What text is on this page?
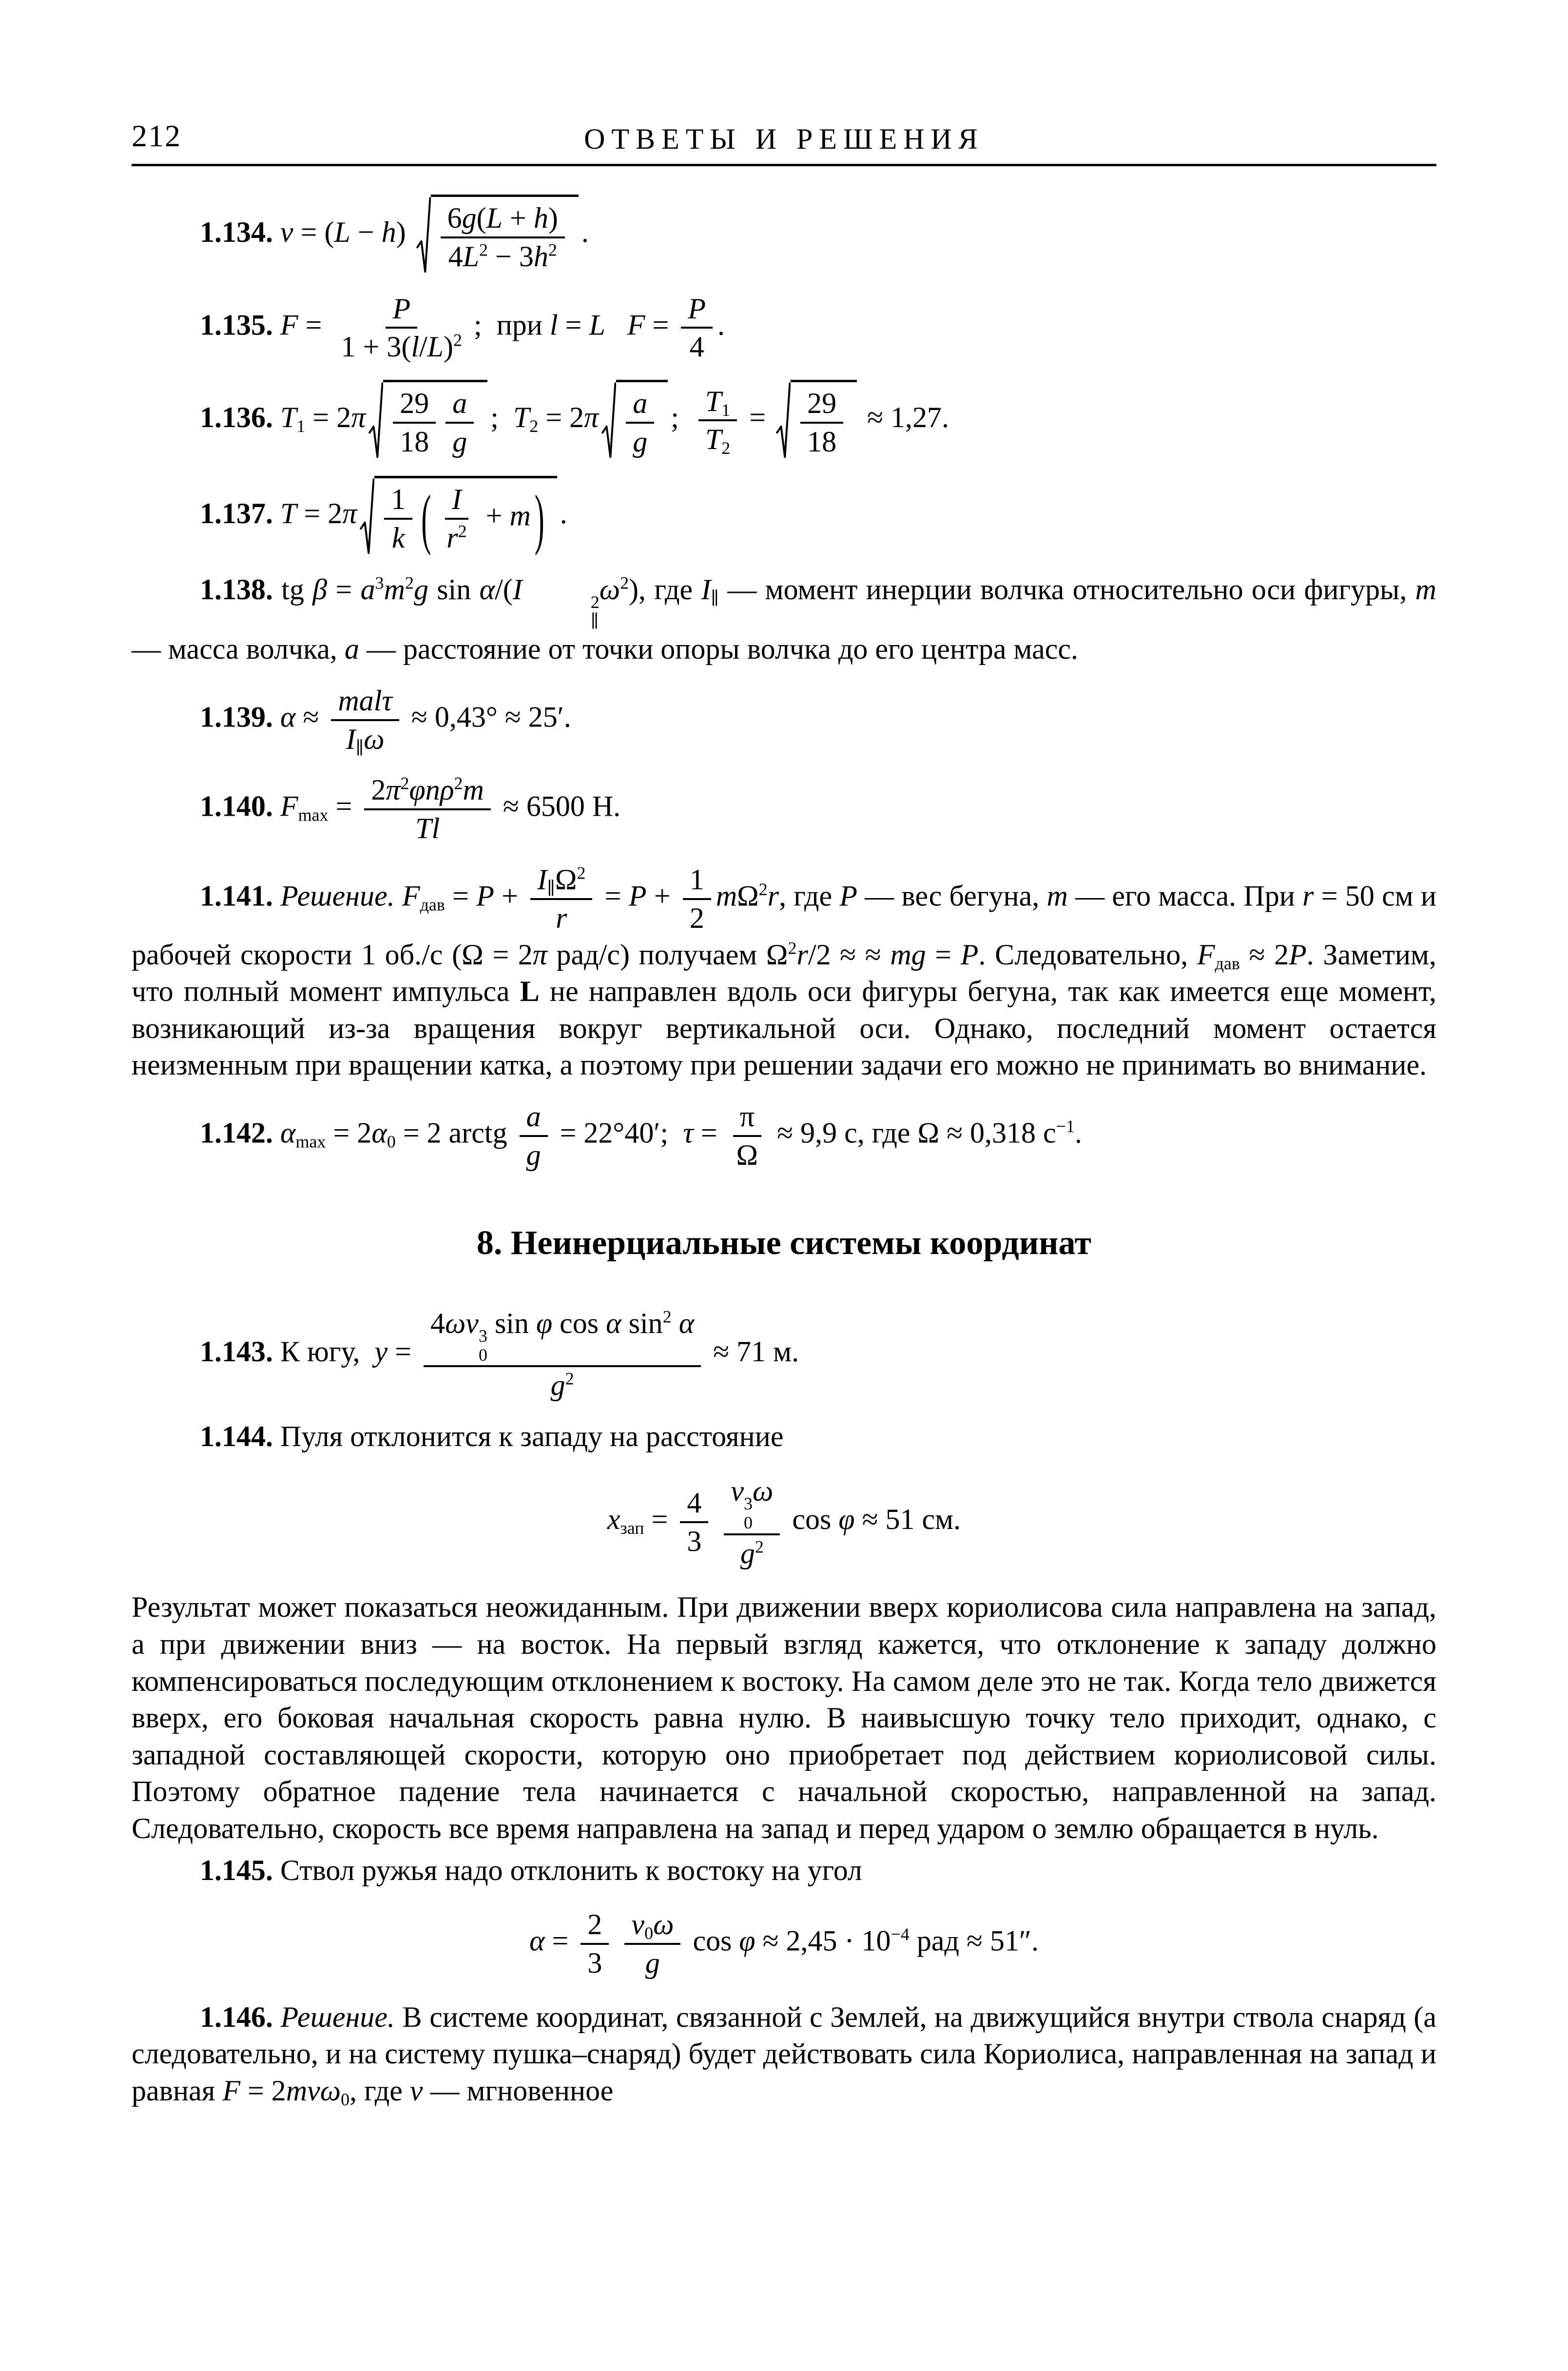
212	ОТВЕТЫ И РЕШЕНИЯ
1.134. $v = (L - h) \frac{6g(L + h)}{4L^2 - 3h^2}$ .
1.135. $F = \frac{P}{1 + 3(l/L)^2}$ ;  при l = L $F = \frac{P}{4}$ .
1.136. $T_1 = 2\pi \frac{29}{18} \frac{a}{g}$ ;  $T_2 = 2\pi \frac{a}{g}$ ; $\frac{T_1}{T_2} = \frac{29}{18} \approx 1,27$.
1.137. $T = 2\pi \frac{1}{k}$ ( $\frac{I}{r^2} + m$ ) .
1.138. tg $\beta = a^3m^2g$ sin α/(I	2
∥
$\omega^2$), где $I_\parallel$ — момент инерции волчка относительно оси фигуры, m — масса волчка, a — расстояние от точки опоры волчка до его центра масс.
1.139. $\alpha \approx \frac{\text{malτ}}{I_\parallel\omega} \approx 0,43^\circ \approx 25'$.
1.140. $F_{max} = \frac{2\pi^2\varphi n\rho^2m}{Tl} \approx 6500$ Н.
1.141. Решение. $F_{дав} = P + \frac{I_\parallel\Omega^2}{r} = P + \frac{1}{2} m\Omega^2r$, где P — вес бегуна, m — его масса. При r = 50 см и рабочей скорости 1 об./с (Ω = 2π рад/с) получаем $\Omega^2r/2$ ≈ ≈ mg = P. Следовательно, $F_{дав} \approx 2P$. Заметим, что полный момент импульса L не направлен вдоль оси фигуры бегуна, так как имеется еще момент, возникающий из-за вращения вокруг вертикальной оси. Однако, последний момент остается неизменным при вращении катка, а поэтому при решении задачи его можно не принимать во внимание.
1.142. $\alpha_{max} = 2\alpha_0 = 2$ arctg $\frac{a}{g} = 22^\circ 40'$;  $\tau = \frac{\pi}{\Omega} \approx 9,9$ с, где Ω ≈ 0,318 $с^{-1}$.
8. Неинерциальные системы координат
1.143. К югу,  y = 4ωv 3
0
sin φ cos α $\sin^2 \alpha$
$g^2 \approx 71$ м.
1.144. Пуля отклонится к западу на расстояние
$x_{зап} = \frac{4}{3}$
  v 3
0
ω
$g^2$ cos φ ≈ 51 см.
Результат может показаться неожиданным. При движении вверх кориолисова сила направлена на запад, а при движении вниз — на восток. На первый взгляд кажется, что отклонение к западу должно компенсироваться последующим отклонением к востоку. На самом деле это не так. Когда тело движется вверх, его боковая начальная скорость равна нулю. В наивысшую точку тело приходит, однако, с западной составляющей скорости, которую оно приобретает под действием кориолисовой силы. Поэтому обратное падение тела начинается с начальной скоростью, направленной на запад. Следовательно, скорость все время направлена на запад и перед ударом о землю обращается в нуль.
1.145. Ствол ружья надо отклонить к востоку на угол
$\alpha = \frac{2}{3}$
  $\frac{v_0\omega}{g}$ $\cos \varphi \approx 2,45 \cdot 10^{-4}$ рад ≈ 51″.
1.146. Решение. В системе координат, связанной с Землей, на движущийся внутри ствола снаряд (а следовательно, и на систему пушка–снаряд) будет действовать сила Кориолиса, направленная на запад и равная F = 2mvω$_0$, где v — мгновенное
